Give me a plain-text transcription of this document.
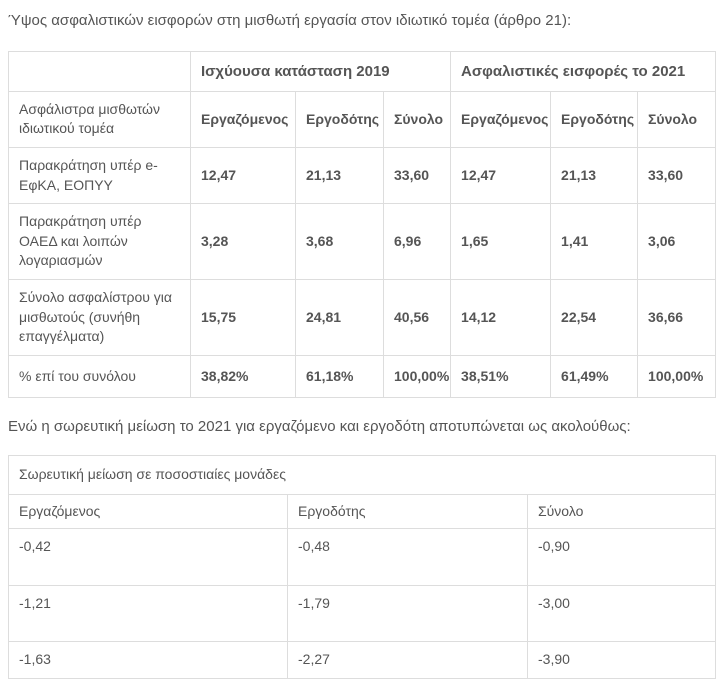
Ύψος ασφαλιστικών εισφορών στη μισθωτή εργασία στον ιδιωτικό τομέα (άρθρο 21):

	Ισχύουσα κατάσταση 2019			Ασφαλιστικές εισφορές το 2021		
Ασφάλιστρα μισθωτών ιδιωτικού τομέα	Εργαζόμενος	Εργοδότης	Σύνολο	Εργαζόμενος	Εργοδότης	Σύνολο
Παρακράτηση υπέρ e-ΕφΚΑ, ΕΟΠΥΥ	12,47	21,13	33,60	12,47	21,13	33,60
Παρακράτηση υπέρ ΟΑΕΔ και λοιπών λογαριασμών	3,28	3,68	6,96	1,65	1,41	3,06
Σύνολο ασφαλίστρου για μισθωτούς (συνήθη επαγγέλματα)	15,75	24,81	40,56	14,12	22,54	36,66
% επί του συνόλου	38,82%	61,18%	100,00%	38,51%	61,49%	100,00%

Ενώ η σωρευτική μείωση το 2021 για εργαζόμενο και εργοδότη αποτυπώνεται ως ακολούθως:

Σωρευτική μείωση σε ποσοστιαίες μονάδες		
Εργαζόμενος	Εργοδότης	Σύνολο
-0,42	-0,48	-0,90
-1,21	-1,79	-3,00
-1,63	-2,27	-3,90
